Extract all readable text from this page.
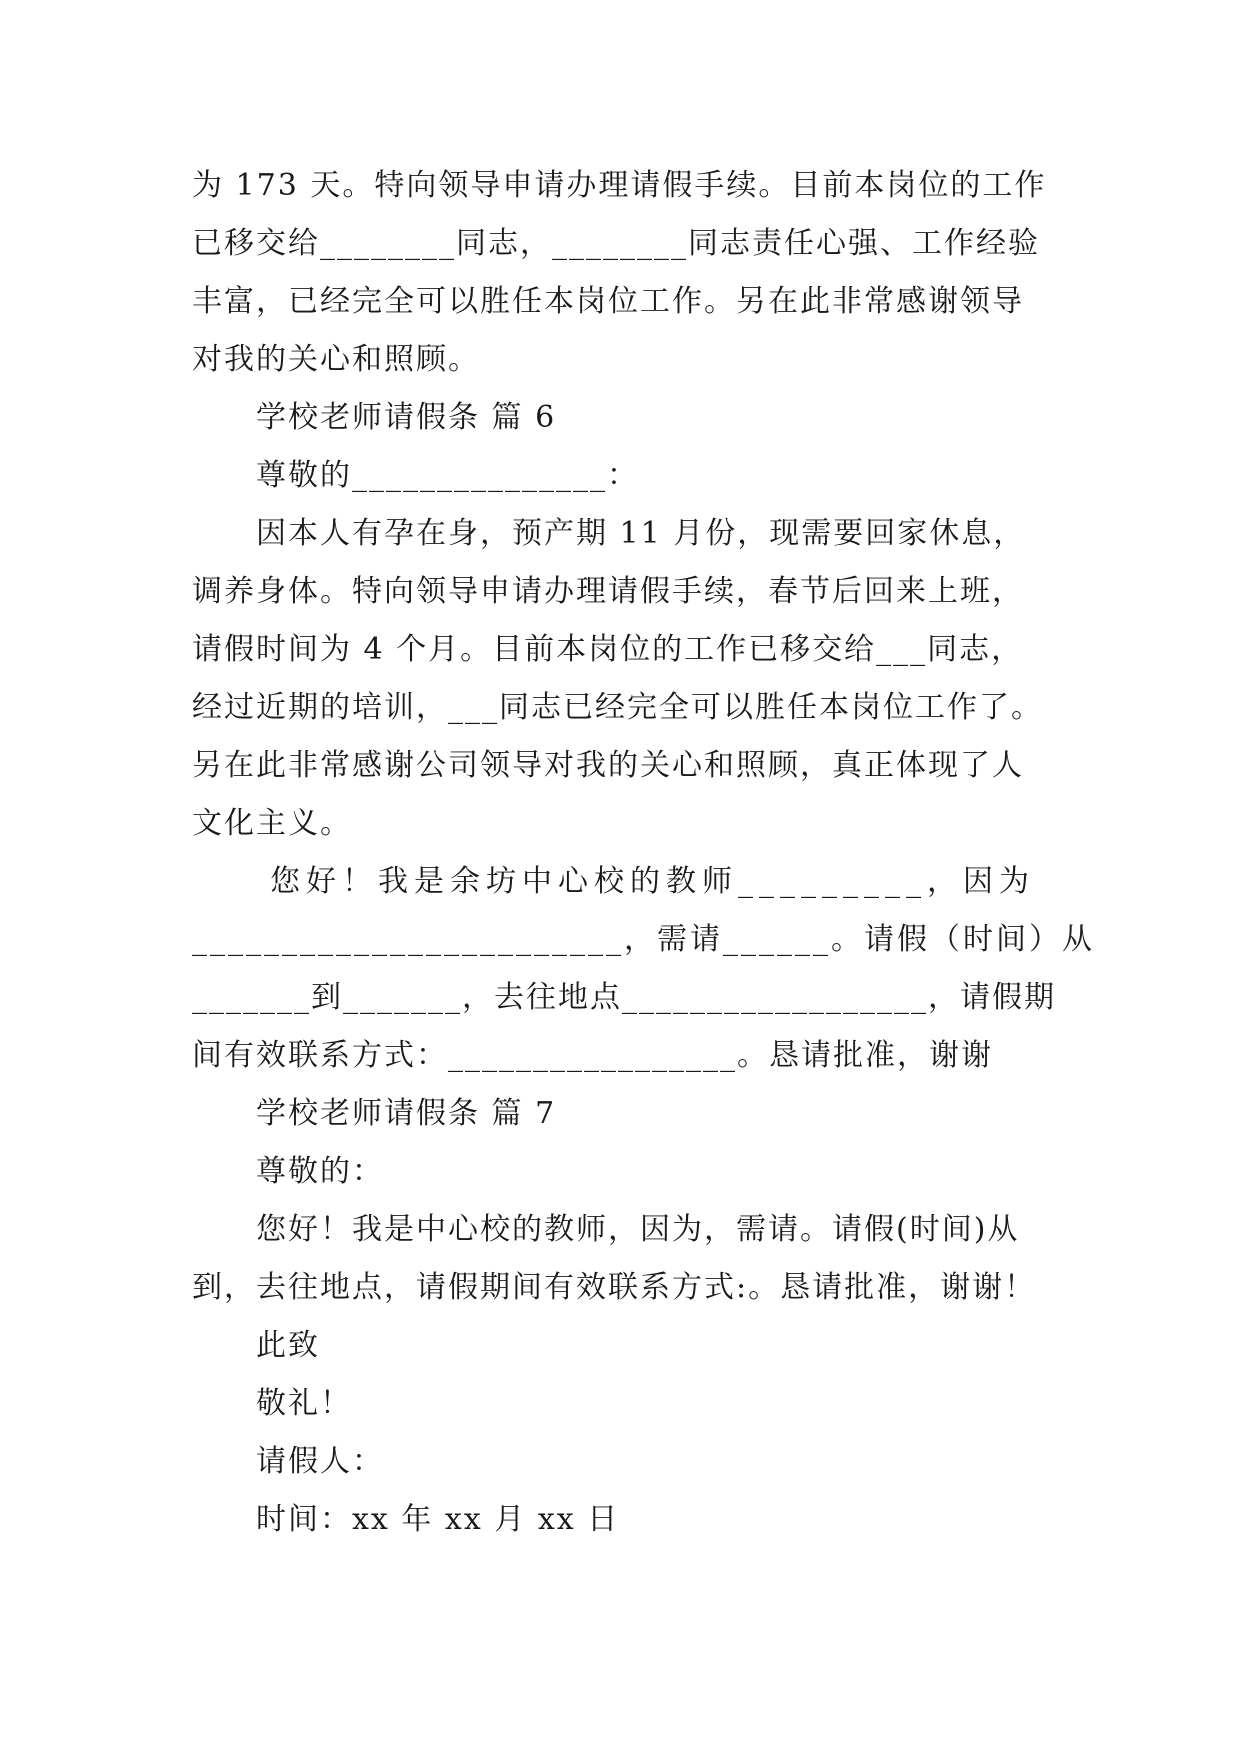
为 173 天。特向领导申请办理请假手续。目前本岗位的工作
已移交给________同志，________同志责任心强、工作经验
丰富，已经完全可以胜任本岗位工作。另在此非常感谢领导
对我的关心和照顾。
学校老师请假条 篇 6
尊敬的_______________：
因本人有孕在身，预产期 11 月份，现需要回家休息，
调养身体。特向领导申请办理请假手续，春节后回来上班，
请假时间为 4 个月。目前本岗位的工作已移交给___同志，
经过近期的培训，___同志已经完全可以胜任本岗位工作了。
另在此非常感谢公司领导对我的关心和照顾，真正体现了人
文化主义。
您好！我是余坊中心校的教师_________，因为
________________________，需请______。请假（时间）从
_______到_______，去往地点__________________，请假期
间有效联系方式：_________________。恳请批准，谢谢
学校老师请假条 篇 7
尊敬的：
您好！我是中心校的教师，因为，需请。请假(时间)从
到，去往地点，请假期间有效联系方式:。恳请批准，谢谢！
此致
敬礼！
请假人：
时间：xx 年 xx 月 xx 日
